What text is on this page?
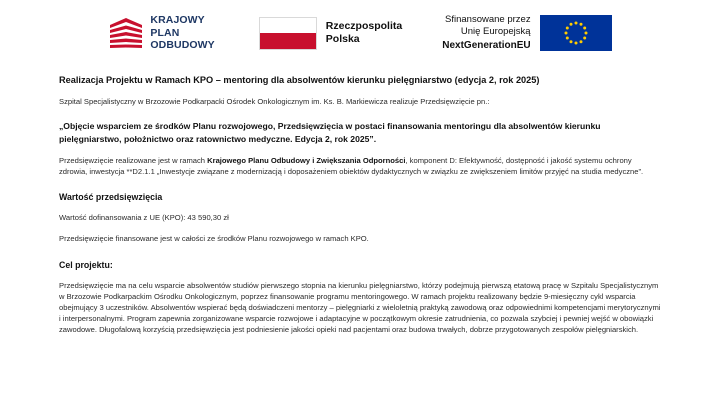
KRAJOWY
PLAN
ODBUDOWY
Rzeczpospolita
Polska
Sfinansowane przez
Unię Europejską
NextGenerationEU
Realizacja Projektu w Ramach KPO – mentoring dla absolwentów kierunku pielęgniarstwo (edycja 2, rok 2025)

Szpital Specjalistyczny w Brzozowie Podkarpacki Ośrodek Onkologicznym im. Ks. B. Markiewicza realizuje Przedsięwzięcie pn.:

„Objęcie wsparciem ze środków Planu rozwojowego, Przedsięwzięcia w postaci finansowania mentoringu dla absolwentów kierunku pielęgniarstwo, położnictwo oraz ratownictwo medyczne. Edycja 2, rok 2025”.

Przedsięwzięcie realizowane jest w ramach Krajowego Planu Odbudowy i Zwiększania Odporności, komponent D: Efektywność, dostępność i jakość systemu ochrony zdrowia, inwestycja **D2.1.1 „Inwestycje związane z modernizacją i doposażeniem obiektów dydaktycznych w związku ze zwiększeniem limitów przyjęć na studia medyczne”.

Wartość przedsięwzięcia

Wartość dofinansowania z UE (KPO): 43 590,30 zł

Przedsięwzięcie finansowane jest w całości ze środków Planu rozwojowego w ramach KPO.

Cel projektu:

Przedsięwzięcie ma na celu wsparcie absolwentów studiów pierwszego stopnia na kierunku pielęgniarstwo, którzy podejmują pierwszą etatową pracę w Szpitalu Specjalistycznym w Brzozowie Podkarpackim Ośrodku Onkologicznym, poprzez finansowanie programu mentoringowego. W ramach projektu realizowany będzie 9-miesięczny cykl wsparcia obejmujący 3 uczestników. Absolwentów wspierać będą doświadczeni mentorzy – pielęgniarki z wieloletnią praktyką zawodową oraz odpowiednimi kompetencjami merytorycznymi i interpersonalnymi. Program zapewnia zorganizowane wsparcie rozwojowe i adaptacyjne w początkowym okresie zatrudnienia, co pozwala szybciej i pewniej wejść w obowiązki zawodowe. Długofalową korzyścią przedsięwzięcia jest podniesienie jakości opieki nad pacjentami oraz budowa trwałych, dobrze przygotowanych zespołów pielęgniarskich.
